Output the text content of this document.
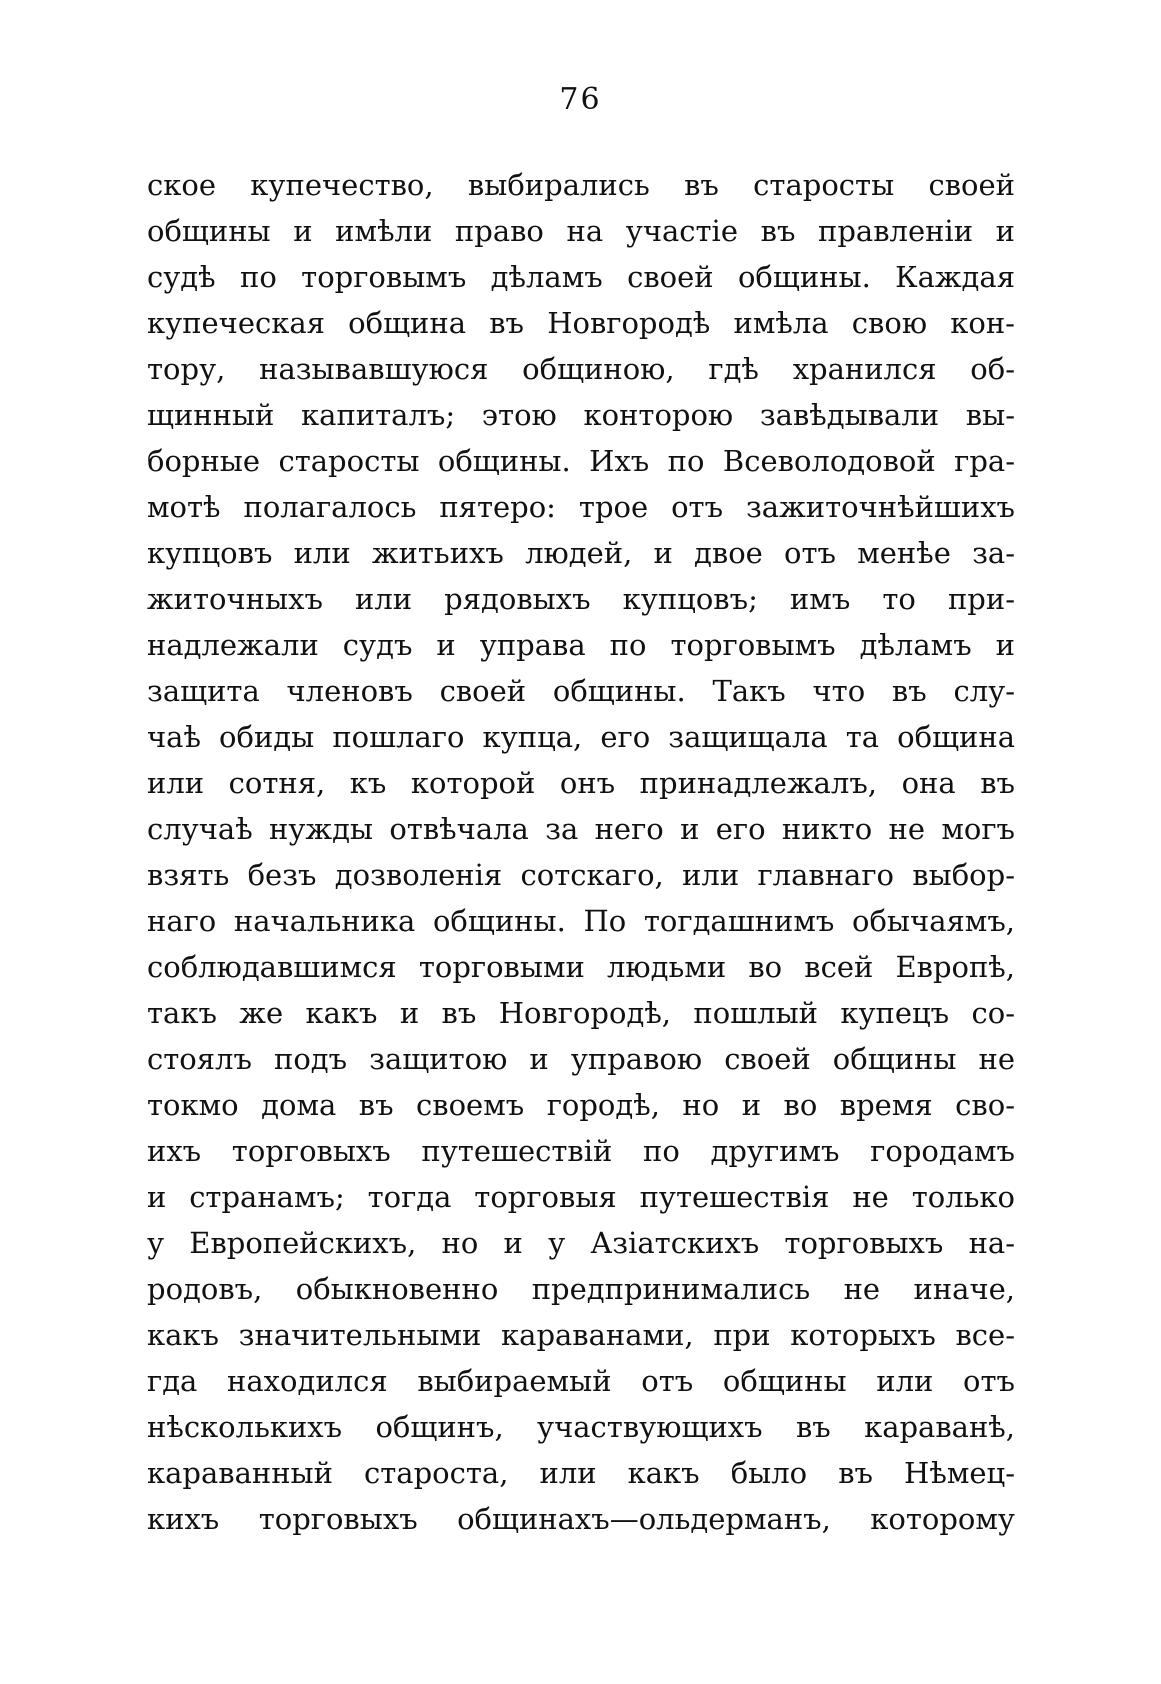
76
ское купечество, выбирались въ старосты своей
общины и имѣли право на участіе въ правленіи и
судѣ по торговымъ дѣламъ своей общины. Каждая
купеческая община въ Новгородѣ имѣла свою кон-
тору, называвшуюся общиною, гдѣ хранился об-
щинный капиталъ; этою конторою завѣдывали вы-
борные старосты общины. Ихъ по Всеволодовой гра-
мотѣ полагалось пятеро: трое отъ зажиточнѣйшихъ
купцовъ или житьихъ людей, и двое отъ менѣе за-
житочныхъ или рядовыхъ купцовъ; имъ то при-
надлежали судъ и управа по торговымъ дѣламъ и
защита членовъ своей общины. Такъ что въ слу-
чаѣ обиды пошлаго купца, его защищала та община
или сотня, къ которой онъ принадлежалъ, она въ
случаѣ нужды отвѣчала за него и его никто не могъ
взять безъ дозволенія сотскаго, или главнаго выбор-
наго начальника общины. По тогдашнимъ обычаямъ,
соблюдавшимся торговыми людьми во всей Европѣ,
такъ же какъ и въ Новгородѣ, пошлый купецъ со-
стоялъ подъ защитою и управою своей общины не
токмо дома въ своемъ городѣ, но и во время сво-
ихъ торговыхъ путешествій по другимъ городамъ
и странамъ; тогда торговыя путешествія не только
у Европейскихъ, но и у Азіатскихъ торговыхъ на-
родовъ, обыкновенно предпринимались не иначе,
какъ значительными караванами, при которыхъ все-
гда находился выбираемый отъ общины или отъ
нѣсколькихъ общинъ, участвующихъ въ караванѣ,
караванный староста, или какъ было въ Нѣмец-
кихъ торговыхъ общинахъ—ольдерманъ, которому
